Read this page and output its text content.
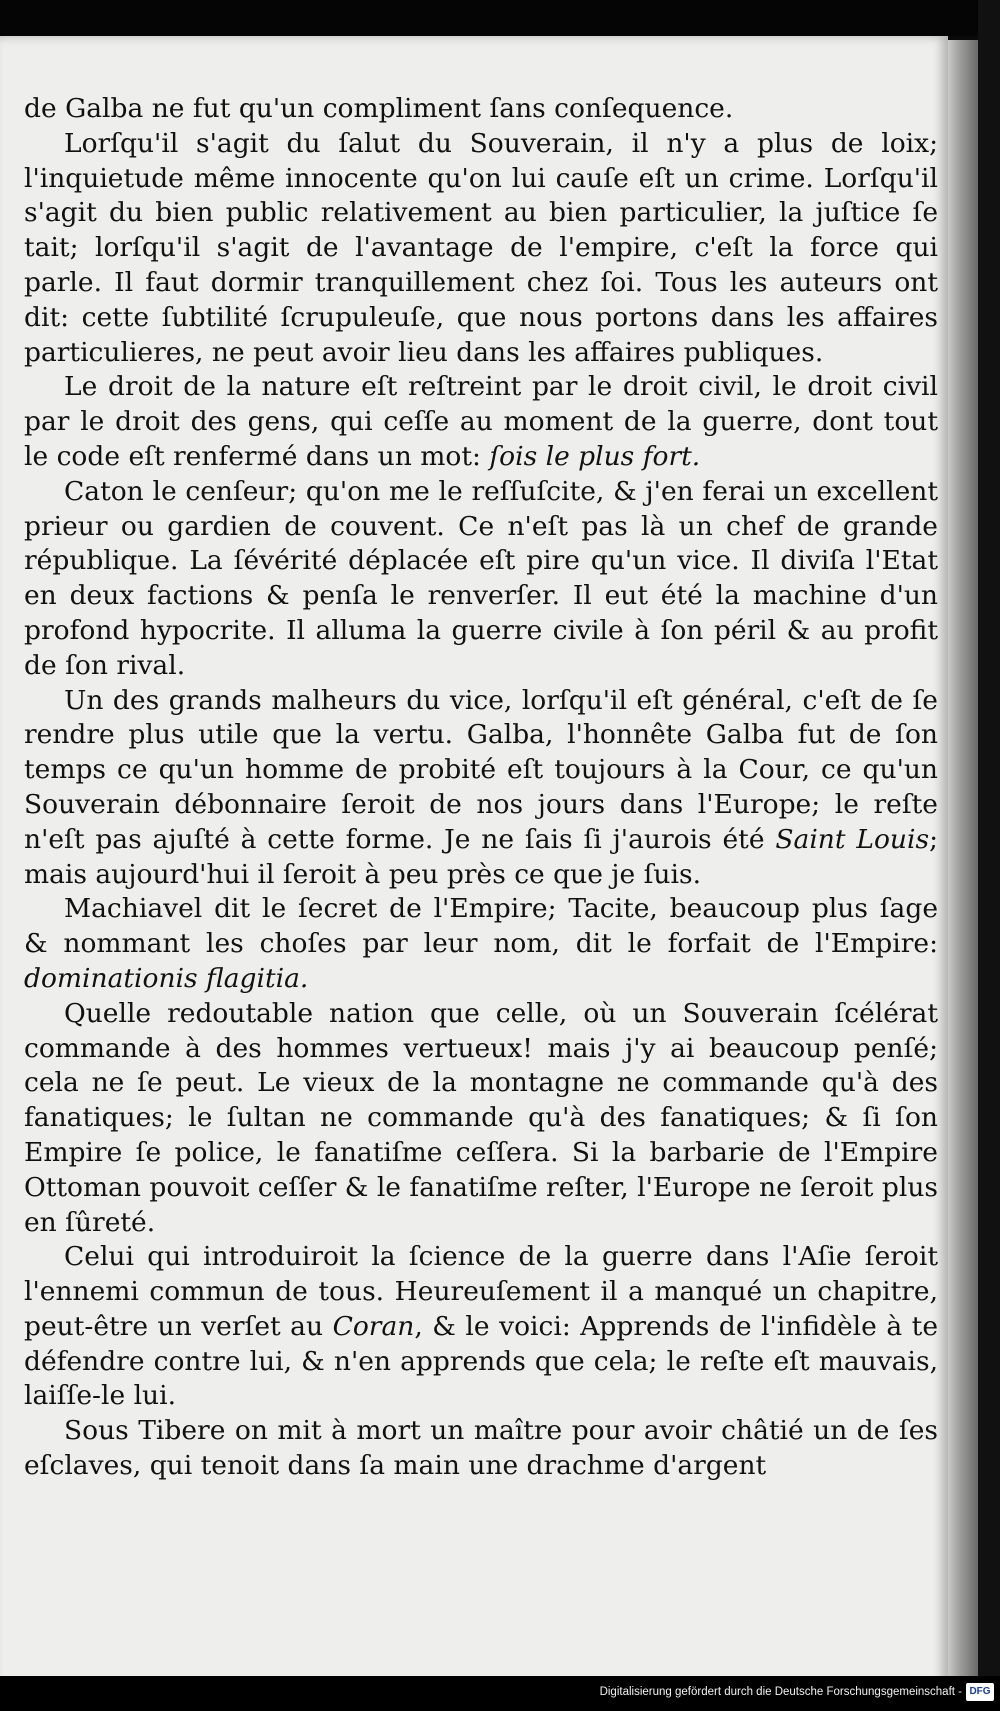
de Galba ne fut qu'un compliment ſans conſequence.

Lorſqu'il s'agit du ſalut du Souverain, il n'y a plus de loix; l'inquietude même innocente qu'on lui cauſe eſt un crime. Lorſqu'il s'agit du bien public relativement au bien particulier, la juſtice ſe tait; lorſqu'il s'agit de l'avantage de l'empire, c'eſt la force qui parle. Il faut dormir tranquillement chez ſoi. Tous les auteurs ont dit: cette ſubtilité ſcrupuleuſe, que nous portons dans les affaires particulieres, ne peut avoir lieu dans les affaires publiques.

Le droit de la nature eſt reſtreint par le droit civil, le droit civil par le droit des gens, qui ceſſe au moment de la guerre, dont tout le code eſt renfermé dans un mot: ſois le plus fort.

Caton le cenſeur; qu'on me le reſſuſcite, & j'en ferai un excellent prieur ou gardien de couvent. Ce n'eſt pas là un chef de grande république. La ſévérité déplacée eſt pire qu'un vice. Il diviſa l'Etat en deux factions & penſa le renverſer. Il eut été la machine d'un profond hypocrite. Il alluma la guerre civile à ſon péril & au profit de ſon rival.

Un des grands malheurs du vice, lorſqu'il eſt général, c'eſt de ſe rendre plus utile que la vertu. Galba, l'honnête Galba fut de ſon temps ce qu'un homme de probité eſt toujours à la Cour, ce qu'un Souverain débonnaire ſeroit de nos jours dans l'Europe; le reſte n'eſt pas ajuſté à cette forme. Je ne ſais ſi j'aurois été Saint Louis; mais aujourd'hui il ſeroit à peu près ce que je ſuis.

Machiavel dit le ſecret de l'Empire; Tacite, beaucoup plus ſage & nommant les choſes par leur nom, dit le forfait de l'Empire: dominationis flagitia.

Quelle redoutable nation que celle, où un Souverain ſcélérat commande à des hommes vertueux! mais j'y ai beaucoup penſé; cela ne ſe peut. Le vieux de la montagne ne commande qu'à des fanatiques; le ſultan ne commande qu'à des fanatiques; & ſi ſon Empire ſe police, le fanatiſme ceſſera. Si la barbarie de l'Empire Ottoman pouvoit ceſſer & le fanatiſme reſter, l'Europe ne ſeroit plus en ſûreté.

Celui qui introduiroit la ſcience de la guerre dans l'Aſie ſeroit l'ennemi commun de tous. Heureuſement il a manqué un chapitre, peut-être un verſet au Coran, & le voici: Apprends de l'infidèle à te défendre contre lui, & n'en apprends que cela; le reſte eſt mauvais, laiſſe-le lui.

Sous Tibere on mit à mort un maître pour avoir châtié un de ſes eſclaves, qui tenoit dans ſa main une drachme d'argent

Digitalisierung gefördert durch die Deutsche Forschungsgemeinschaft - DFG
